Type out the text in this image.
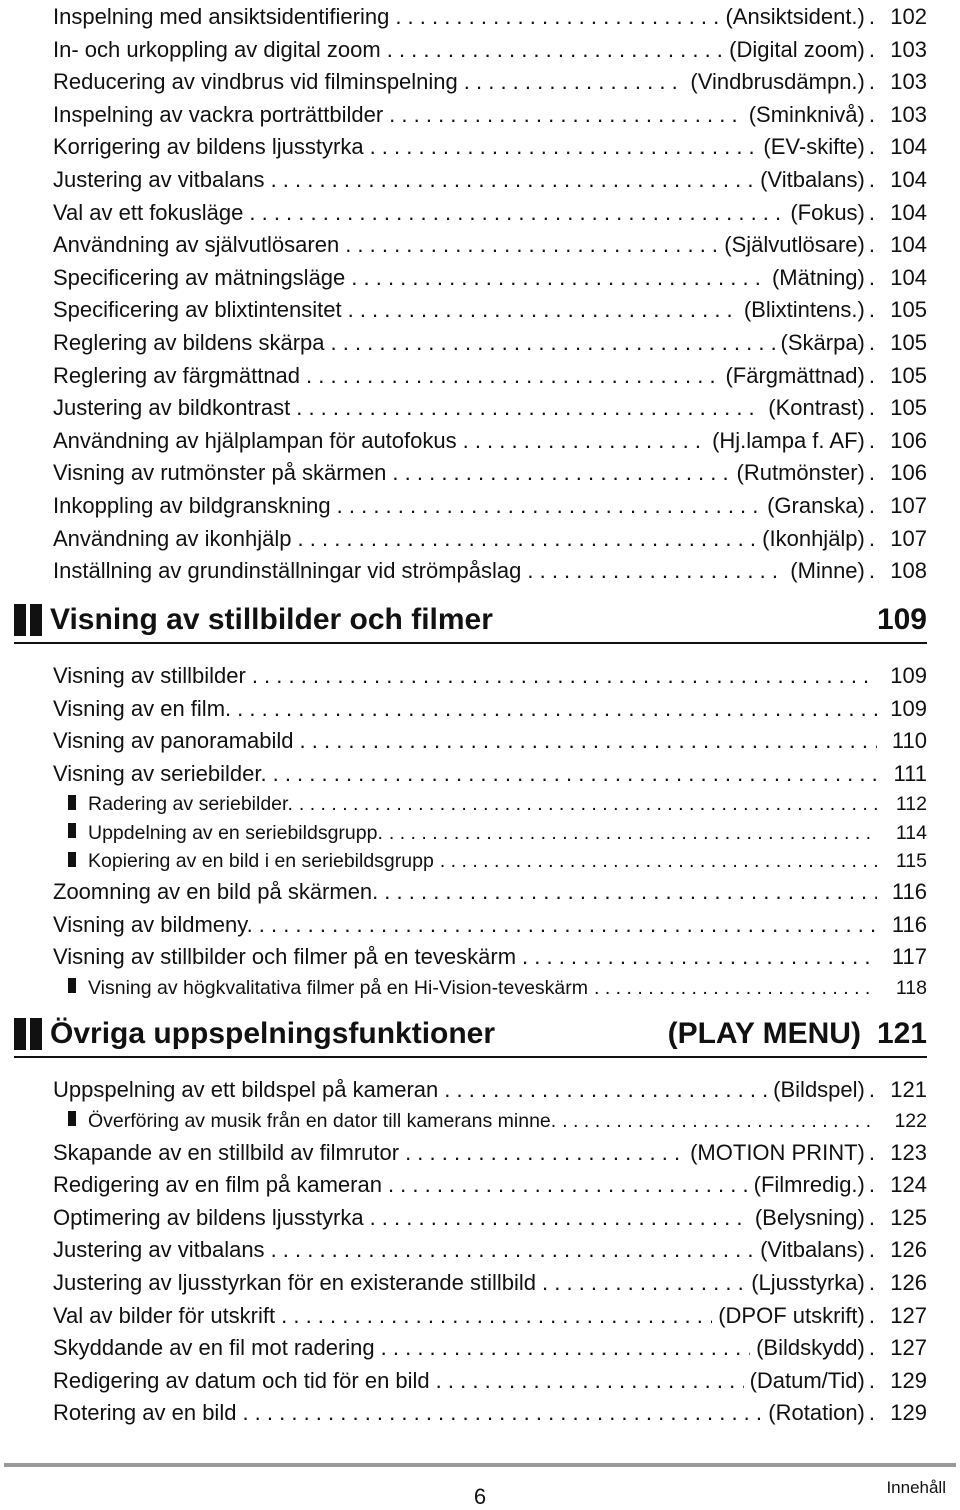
Inspelning med ansiktsidentifiering . . .	(Ansiktsident.) . 102
In- och urkoppling av digital zoom . . .	(Digital zoom) . 103
Reducering av vindbrus vid filminspelning . . .	(Vindbrusdämpn.) . 103
Inspelning av vackra porträttbilder . . .	(Sminknivå) . 103
Korrigering av bildens ljusstyrka . . .	(EV-skifte) . 104
Justering av vitbalans . . .	(Vitbalans) . 104
Val av ett fokusläge . . .	(Fokus) . 104
Användning av självutlösaren . . .	(Självutlösare) . 104
Specificering av mätningsläge . . .	(Mätning) . 104
Specificering av blixtintensitet . . .	(Blixtintens.) . 105
Reglering av bildens skärpa . . .	(Skärpa) . 105
Reglering av färgmättnad . . .	(Färgmättnad) . 105
Justering av bildkontrast . . .	(Kontrast) . 105
Användning av hjälplampan för autofokus . . .	(Hj.lampa f. AF) . 106
Visning av rutmönster på skärmen . . .	(Rutmönster) . 106
Inkoppling av bildgranskning . . .	(Granska) . 107
Användning av ikonhjälp . . .	(Ikonhjälp) . 107
Inställning av grundinställningar vid strömpåslag . . .	(Minne) . 108
Visning av stillbilder och filmer	109
Visning av stillbilder . . .	109
Visning av en film. . . .	109
Visning av panoramabild . . .	110
Visning av seriebilder. . . .	111
Radering av seriebilder. . . .	112
Uppdelning av en seriebildsgrupp. . . .	114
Kopiering av en bild i en seriebildsgrupp . . .	115
Zoomning av en bild på skärmen. . . .	116
Visning av bildmeny. . . .	116
Visning av stillbilder och filmer på en teveskärm . . .	117
Visning av högkvalitativa filmer på en Hi-Vision-teveskärm . . .	118
Övriga uppspelningsfunktioner	(PLAY MENU) 121
Uppspelning av ett bildspel på kameran . . .	(Bildspel) . 121
Överföring av musik från en dator till kamerans minne. . . .	122
Skapande av en stillbild av filmrutor . . .	(MOTION PRINT) . 123
Redigering av en film på kameran . . .	(Filmredig.) . 124
Optimering av bildens ljusstyrka . . .	(Belysning) . 125
Justering av vitbalans . . .	(Vitbalans) . 126
Justering av ljusstyrkan för en existerande stillbild . . .	(Ljusstyrka) . 126
Val av bilder för utskrift . . .	(DPOF utskrift) . 127
Skyddande av en fil mot radering . . .	(Bildskydd) . 127
Redigering av datum och tid för en bild . . .	(Datum/Tid) . 129
Rotering av en bild . . .	(Rotation) . 129
6	Innehåll
